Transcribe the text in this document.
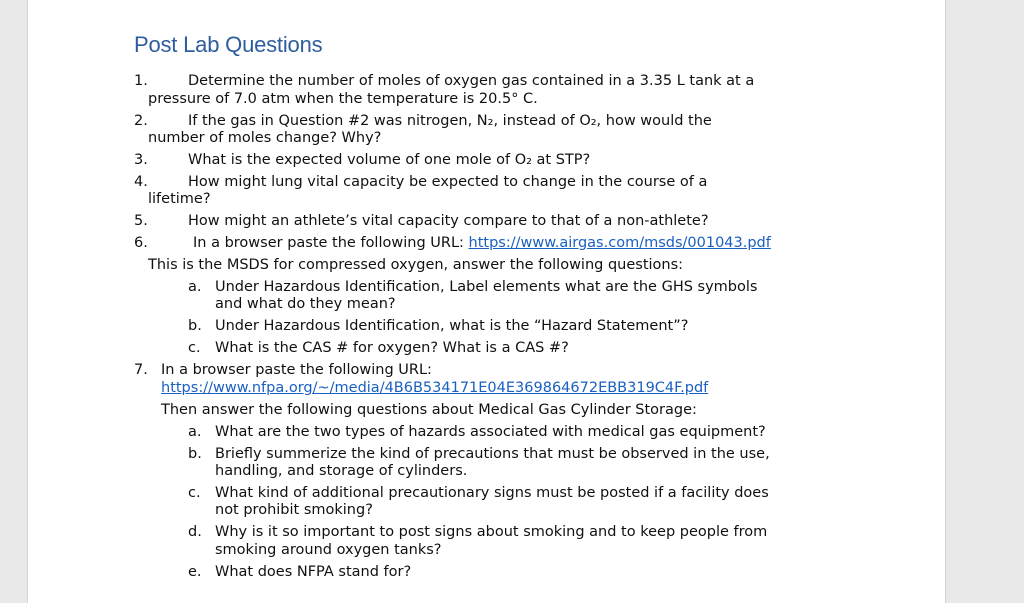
Post Lab Questions
1.	Determine the number of moles of oxygen gas contained in a 3.35 L tank at a
pressure of 7.0 atm when the temperature is 20.5° C.
2.	If the gas in Question #2 was nitrogen, N₂, instead of O₂, how would the
number of moles change? Why?
3.	What is the expected volume of one mole of O₂ at STP?
4.	How might lung vital capacity be expected to change in the course of a
lifetime?
5.	How might an athlete’s vital capacity compare to that of a non-athlete?
6.	In a browser paste the following URL: https://www.airgas.com/msds/001043.pdf
This is the MSDS for compressed oxygen, answer the following questions:
a. Under Hazardous Identification, Label elements what are the GHS symbols
and what do they mean?
b. Under Hazardous Identification, what is the “Hazard Statement”?
c. What is the CAS # for oxygen? What is a CAS #?
7. In a browser paste the following URL:
https://www.nfpa.org/~/media/4B6B534171E04E369864672EBB319C4F.pdf
Then answer the following questions about Medical Gas Cylinder Storage:
a. What are the two types of hazards associated with medical gas equipment?
b. Briefly summerize the kind of precautions that must be observed in the use,
handling, and storage of cylinders.
c. What kind of additional precautionary signs must be posted if a facility does
not prohibit smoking?
d. Why is it so important to post signs about smoking and to keep people from
smoking around oxygen tanks?
e. What does NFPA stand for?
